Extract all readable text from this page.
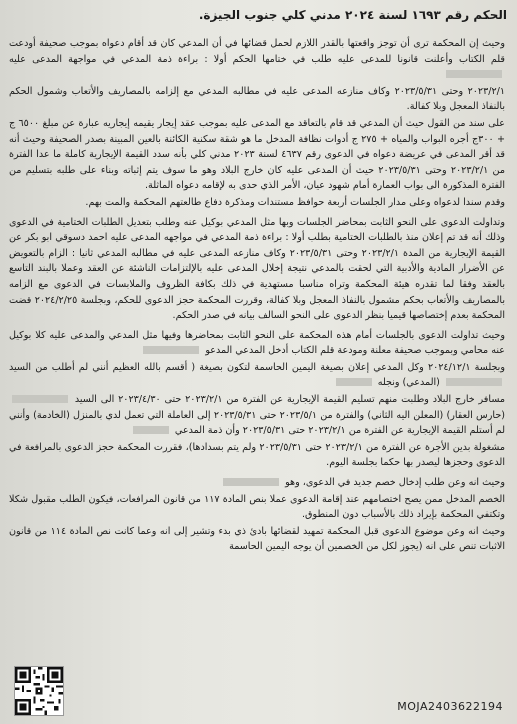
الحكم رقم ١٦٩٣ لسنة ٢٠٢٤ مدني كلي جنوب الجيزة.

وحيث إن المحكمة ترى أن توجز واقعتها بالقدر اللازم لحمل قضائها في أن المدعي كان قد أقام دعواه بموجب صحيفة أودعت قلم الكتاب وأعلنت قانونا للمدعى عليه طلب في ختامها الحكم أولا : براءة ذمة المدعي في مواجهة المدعى عليه

٢٠٢٣/٢/١ وحتى ٢٠٢٣/٥/٣١ وكاف منازعه المدعى عليه في مطالبه المدعي مع إلزامه بالمصاريف والأتعاب وشمول الحكم بالنفاذ المعجل وبلا كفالة.

على سند من القول حيث أن المدعي قد قام بالتعاقد مع المدعى عليه بموجب عقد إيجار يقيمه إيجاريه عبارة عن مبلغ ٦٥٠٠ ج + ٣٠٠ج أجره البواب والمياه + ٢٧٥ ج أدوات نظافة المدخل ما هو شقة سكنية الكائنة بالعين المبينة بصدر الصحيفة وحيث أنه قد أقر المدعى في عريضة دعواه في الدعوى رقم ٤٦٣٧ لسنة ٢٠٢٣ مدني كلي بأنه سدد القيمة الإيجارية كاملة ما عدا الفترة من ٢٠٢٣/٢/١ وحتى ٢٠٢٣/٥/٣١ حيث أن المدعى عليه كان خارج البلاد وهو ما سوف يتم إثباته وبناء على طلبه بتسليم من الفترة المذكورة الى بواب العمارة أمام شهود عيان، الأمر الذي حدى به لإقامه دعواه الماثلة.

وقدم سندا لدعواه وعلى مدار الجلسات أربعة حوافظ مستندات ومذكرة دفاع طالعتهم المحكمة والمت بهم.

وتداولت الدعوى على النحو الثابت بمحاضر الجلسات وبها مثل المدعي بوكيل عنه وطلب بتعديل الطلبات الختامية في الدعوى وذلك أنه قد تم إعلان منذ بالطلبات الختامية بطلب أولا : براءة ذمة المدعي في مواجهه المدعى عليه احمد دسوقي ابو بكر عن القيمة الإيجارية من المدة ٢٠٢٣/٢/١ وحتى ٢٠٢٣/٥/٣١ وكاف منازعه المدعى عليه في مطالبه المدعي ثانيا : الزام بالتعويض عن الأضرار المادية والأدبية التي لحقت بالمدعي نتيجة إخلال المدعى عليه بالإلتزامات الناشئة عن العقد وعملا بالبند التاسع بالعقد وفقا لما تقدره هيئة المحكمة وتراه مناسبا مستهدية في ذلك بكافة الظروف والملابسات في الدعوى مع الزامه بالمصاريف والأتعاب بحكم مشمول بالنفاذ المعجل وبلا كفالة، وقررت المحكمة حجز الدعوى للحكم، وبجلسة ٢٠٢٤/٢/٢٥ قضت المحكمة بعدم إختصاصها قيميا بنظر الدعوى على النحو السالف بيانه في صدر الحكم.

وحيث تداولت الدعوى بالجلسات أمام هذه المحكمة على النحو الثابت بمحاضرها وفيها مثل المدعي والمدعى عليه كلا بوكيل عنه محامي وبموجب صحيفة معلنة ومودعة قلم الكتاب أدخل المدعي المدعو

وبجلسة ٢٠٢٤/١٢/١ وكل المدعي إعلان بصيغة اليمين الحاسمة لتكون بصيغة ( أقسم بالله العظيم أنني لم أطلب من السيد  (المدعي) ونجله

مسافر خارج البلاد وطلبت منهم تسليم القيمة الإيجارية عن الفترة من ٢٠٢٣/٢/١ حتى ٢٠٢٣/٤/٣٠ الى السيد  (حارس العقار) (المعلن اليه الثاني) والفترة من ٢٠٢٣/٥/١ حتى ٢٠٢٣/٥/٣١ إلى العاملة التي تعمل لدي بالمنزل (الخادمة) وأنني لم أستلم القيمة الإيجارية عن الفترة من ٢٠٢٣/٢/١ حتى ٢٠٢٣/٥/٣١ وأن ذمة المدعي

مشغولة بدين الأجرة عن الفترة من ٢٠٢٣/٢/١ حتى ٢٠٢٣/٥/٣١ ولم يتم بسدادها)، فقررت المحكمة حجز الدعوى بالمرافعة في الدعوى وحجزها ليصدر بها حكما بجلسة اليوم.

وحيث انه وعن طلب إدخال خصم جديد في الدعوى، وهو

الخصم المدخل ممن يصح اختصامهم عند إقامة الدعوى عملا بنص المادة ١١٧ من قانون المرافعات، فيكون الطلب مقبول شكلا وتكتفي المحكمة بإيراد ذلك بالأسباب دون المنطوق.

وحيث انه وعن موضوع الدعوى قبل المحكمة تمهيد لقضائها بادئ ذي بدء وتشير إلى انه وعما كانت نص المادة ١١٤ من قانون الاثبات تنص على انه (يجوز لكل من الخصمين أن يوجه اليمين الحاسمة

MOJA2403622194
